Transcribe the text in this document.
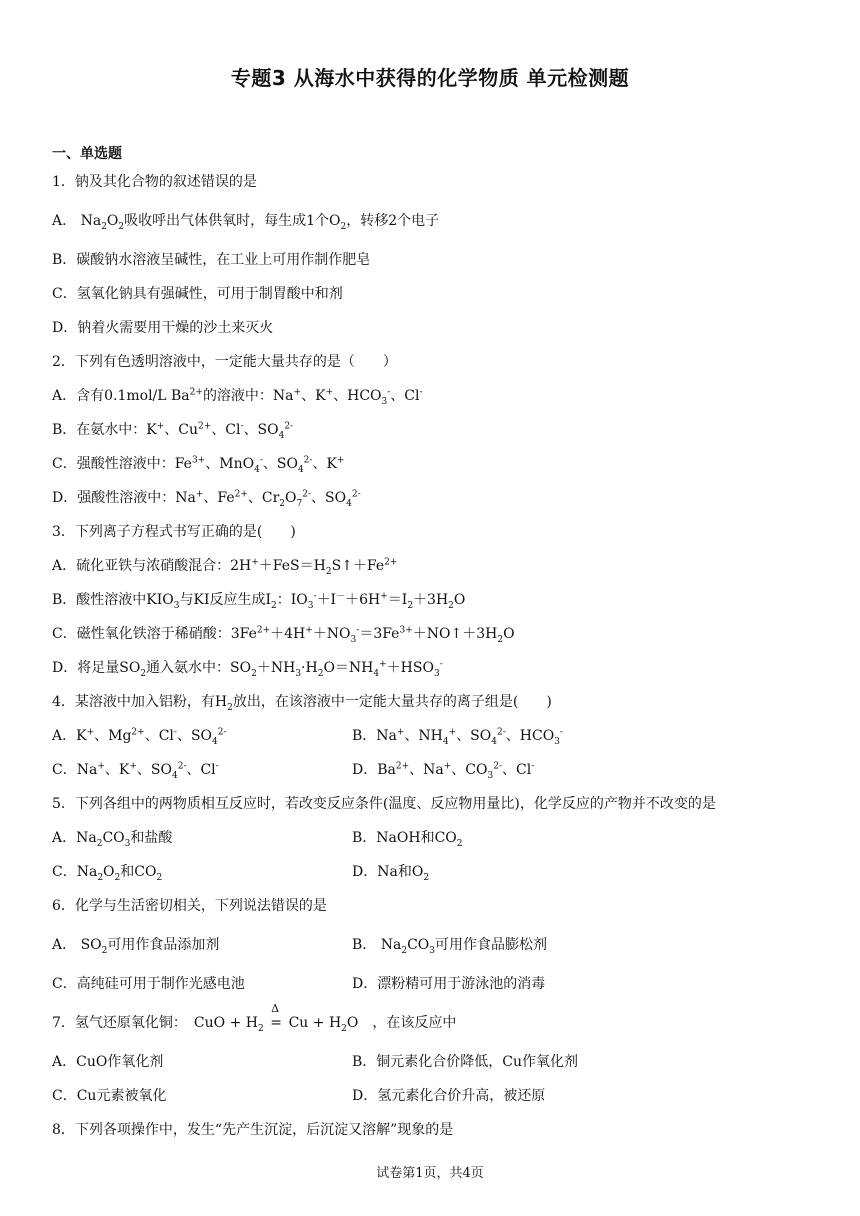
专题3 从海水中获得的化学物质 单元检测题
一、单选题
1．钠及其化合物的叙述错误的是
A． $Na_2O_2$吸收呼出气体供氧时，每生成1个$O_2$，转移2个电子
B．碳酸钠水溶液呈碱性，在工业上可用作制作肥皂
C．氢氧化钠具有强碱性，可用于制胃酸中和剂
D．钠着火需要用干燥的沙土来灭火
2．下列有色透明溶液中，一定能大量共存的是（　　）
A．含有0.1mol/L $Ba^{2+}$的溶液中：Na+、K+、$HCO_3^-$、Cl-
B．在氨水中：K+、$Cu^{2+}$、Cl-、$SO_4^{2-}$
C．强酸性溶液中：$Fe^{3+}$、MnO$_4$-、$SO_4^{2-}$、K+
D．强酸性溶液中：Na+、$Fe^{2+}$、$Cr_2O_7^{2-}$、$SO_4^{2-}$
3．下列离子方程式书写正确的是(　　)
A．硫化亚铁与浓硝酸混合：$2H^++FeS=H_2S↑+Fe^{2+}$
B．酸性溶液中$KIO_3$与KI反应生成$I_2$：$IO_3^-+I^-+6H^+=I_2+3H_2O$
C．磁性氧化铁溶于稀硝酸：$3Fe^{2+}+4H^++NO_3^-=3Fe^{3+}+NO↑+3H_2O$
D．将足量$SO_2$通入氨水中：$SO_2+NH_3\cdot H_2O=NH_4^++HSO_3^-$
4．某溶液中加入铝粉，有$H_2$放出，在该溶液中一定能大量共存的离子组是(　　)
A．K+、$Mg^{2+}$、Cl-、$SO_4^{2-}$	B．Na+、$NH_4^+$、$SO_4^{2-}$、$HCO_3^-$
C．Na+、K+、$SO_4^{2-}$、Cl-	D．$Ba^{2+}$、Na+、$CO_3^{2-}$、Cl-
5．下列各组中的两物质相互反应时，若改变反应条件(温度、反应物用量比)，化学反应的产物并不改变的是
A．$Na_2CO_3$和盐酸	B．NaOH和$CO_2$
C．$Na_2O_2$和$CO_2$	D．Na和$O_2$
6．化学与生活密切相关，下列说法错误的是
A． $SO_2$可用作食品添加剂	B． $Na_2CO_3$可用作食品膨松剂
C．高纯硅可用于制作光感电池	D．漂粉精可用于游泳池的消毒
7．氢气还原氧化铜：　CuO + $H_2$
Δ
= $Cu + H_2O$　，在该反应中
A．CuO作氧化剂	B．铜元素化合价降低，Cu作氧化剂
C．Cu元素被氧化	D．氢元素化合价升高，被还原
8．下列各项操作中，发生“先产生沉淀，后沉淀又溶解”现象的是
试卷第1页，共4页
